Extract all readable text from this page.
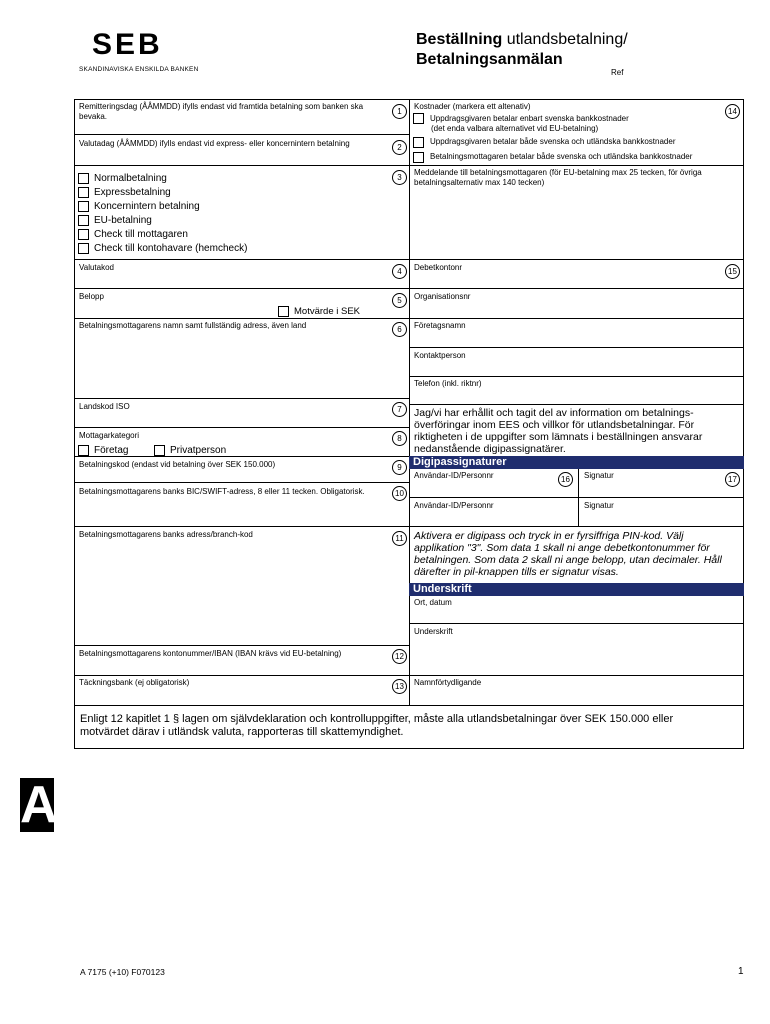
SEB
SKANDINAVISKA ENSKILDA BANKEN
Beställning utlandsbetalning/
Betalningsanmälan
Ref
Remitteringsdag (ÅÅMMDD) ifylls endast vid framtida betalning som banken ska bevaka.
1
Valutadag (ÅÅMMDD) ifylls endast vid express- eller koncernintern betalning	2
3
Normalbetalning
Expressbetalning
Koncernintern betalning
EU-betalning
Check till mottagaren
Check till kontohavare (hemcheck)
Valutakod	4
Belopp	5
Motvärde i SEK
Betalningsmottagarens namn samt fullständig adress, även land	6
Landskod ISO	7
Mottagarkategori	8
Företag	Privatperson
Betalningskod (endast vid betalning över SEK 150.000)	9
Betalningsmottagarens banks BIC/SWIFT-adress, 8 eller 11 tecken. Obligatorisk.	10
Betalningsmottagarens banks adress/branch-kod	11
Betalningsmottagarens kontonummer/IBAN (IBAN krävs vid EU-betalning)	12
Täckningsbank (ej obligatorisk)	13
Kostnader (markera ett altenativ)
14
Uppdragsgivaren betalar enbart svenska bankkostnader
(det enda valbara alternativet vid EU-betalning)
Uppdragsgivaren betalar både svenska och utländska bankkostnader
Betalningsmottagaren betalar både svenska och utländska bankkostnader
Meddelande till betalningsmottagaren (för EU-betalning max 25 tecken, för övriga betalningsalternativ max 140 tecken)
Debetkontonr	15
Organisationsnr
Företagsnamn
Kontaktperson
Telefon (inkl. riktnr)
Jag/vi har erhållit och tagit del av information om betalnings-överföringar inom EES och villkor för utlandsbetalningar. För riktigheten i de uppgifter som lämnats i beställningen ansvarar nedanstående digipassignatärer.
Digipassignaturer
Användar-ID/Personnr	16	Signatur	17
Användar-ID/Personnr	Signatur
Aktivera er digipass och tryck in er fyrsiffriga PIN-kod. Välj applikation "3". Som data 1 skall ni ange debetkontonummer för betalningen. Som data 2 skall ni ange belopp, utan decimaler. Håll därefter in pil-knappen tills er signatur visas.
Underskrift
Ort, datum
Underskrift
Namnförtydligande
Enligt 12 kapitlet 1 § lagen om självdeklaration och kontrolluppgifter, måste alla utlandsbetalningar över SEK 150.000 eller motvärdet därav i utländsk valuta, rapporteras till skattemyndighet.
A
A 7175 (+10) F070123	1
